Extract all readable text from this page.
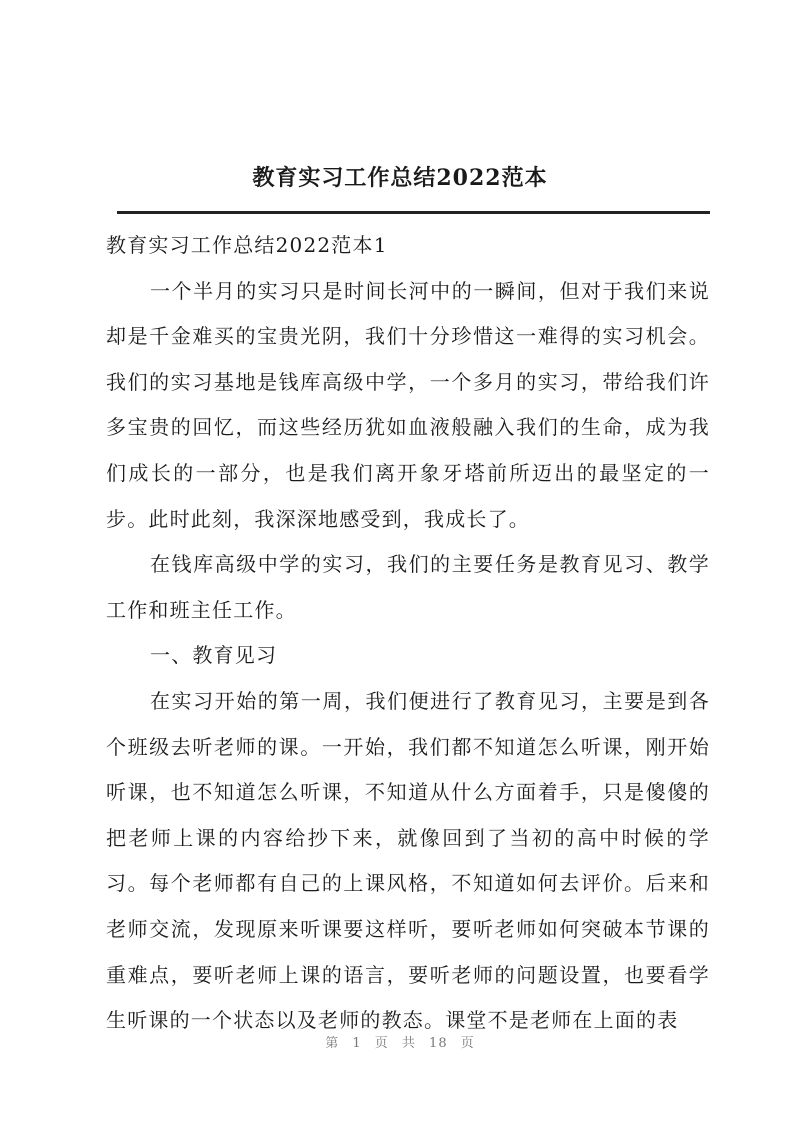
教育实习工作总结2022范本

教育实习工作总结2022范本1

一个半月的实习只是时间长河中的一瞬间，但对于我们来说却是千金难买的宝贵光阴，我们十分珍惜这一难得的实习机会。我们的实习基地是钱库高级中学，一个多月的实习，带给我们许多宝贵的回忆，而这些经历犹如血液般融入我们的生命，成为我们成长的一部分，也是我们离开象牙塔前所迈出的最坚定的一步。此时此刻，我深深地感受到，我成长了。

在钱库高级中学的实习，我们的主要任务是教育见习、教学工作和班主任工作。

一、教育见习

在实习开始的第一周，我们便进行了教育见习，主要是到各个班级去听老师的课。一开始，我们都不知道怎么听课，刚开始听课，也不知道怎么听课，不知道从什么方面着手，只是傻傻的把老师上课的内容给抄下来，就像回到了当初的高中时候的学习。每个老师都有自己的上课风格，不知道如何去评价。后来和老师交流，发现原来听课要这样听，要听老师如何突破本节课的重难点，要听老师上课的语言，要听老师的问题设置，也要看学生听课的一个状态以及老师的教态。课堂不是老师在上面的表

第 1 页 共 18 页
